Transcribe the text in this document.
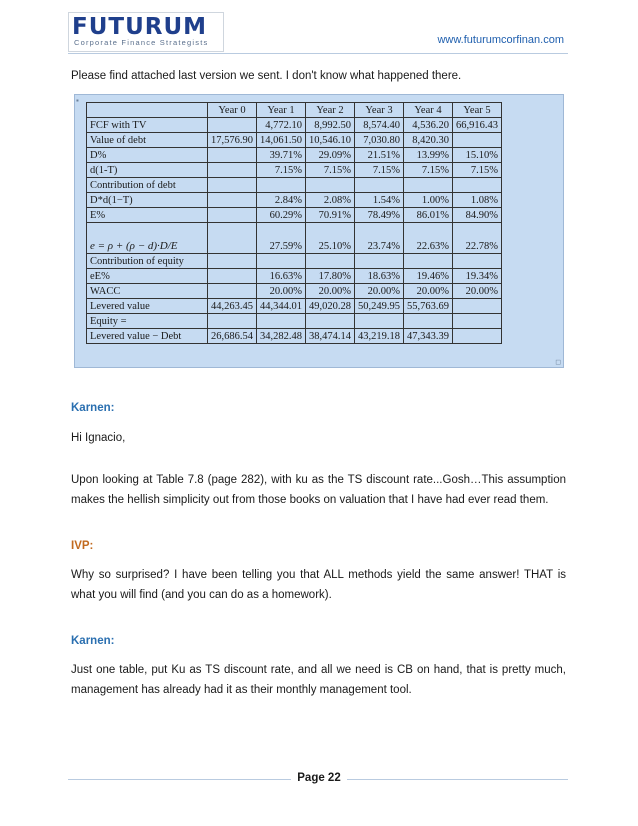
FUTURUM
Corporate Finance Strategists	www.futurumcorfinan.com
Please find attached last version we sent. I don't know what happened there.
▪
◻
	Year 0	Year 1	Year 2	Year 3	Year 4	Year 5
FCF with TV		4,772.10	8,992.50	8,574.40	4,536.20	66,916.43
Value of debt	17,576.90	14,061.50	10,546.10	7,030.80	8,420.30	
D%		39.71%	29.09%	21.51%	13.99%	15.10%
d(1-T)		7.15%	7.15%	7.15%	7.15%	7.15%
Contribution of debt						
D*d(1−T)		2.84%	2.08%	1.54%	1.00%	1.08%
E%		60.29%	70.91%	78.49%	86.01%	84.90%
e = ρ + (ρ − d)·D/E		27.59%	25.10%	23.74%	22.63%	22.78%
Contribution of equity						
eE%		16.63%	17.80%	18.63%	19.46%	19.34%
WACC		20.00%	20.00%	20.00%	20.00%	20.00%
Levered value	44,263.45	44,344.01	49,020.28	50,249.95	55,763.69	
Equity =						
Levered value − Debt	26,686.54	34,282.48	38,474.14	43,219.18	47,343.39	
Karnen:
Hi Ignacio,
Upon looking at Table 7.8 (page 282), with ku as the TS discount rate...Gosh…This assumption makes the hellish simplicity out from those books on valuation that I have had ever read them.
IVP:
Why so surprised? I have been telling you that ALL methods yield the same answer! THAT is what you will find (and you can do as a homework).
Karnen:
Just one table, put Ku as TS discount rate, and all we need is CB on hand, that is pretty much, management has already had it as their monthly management tool.
Page 22
